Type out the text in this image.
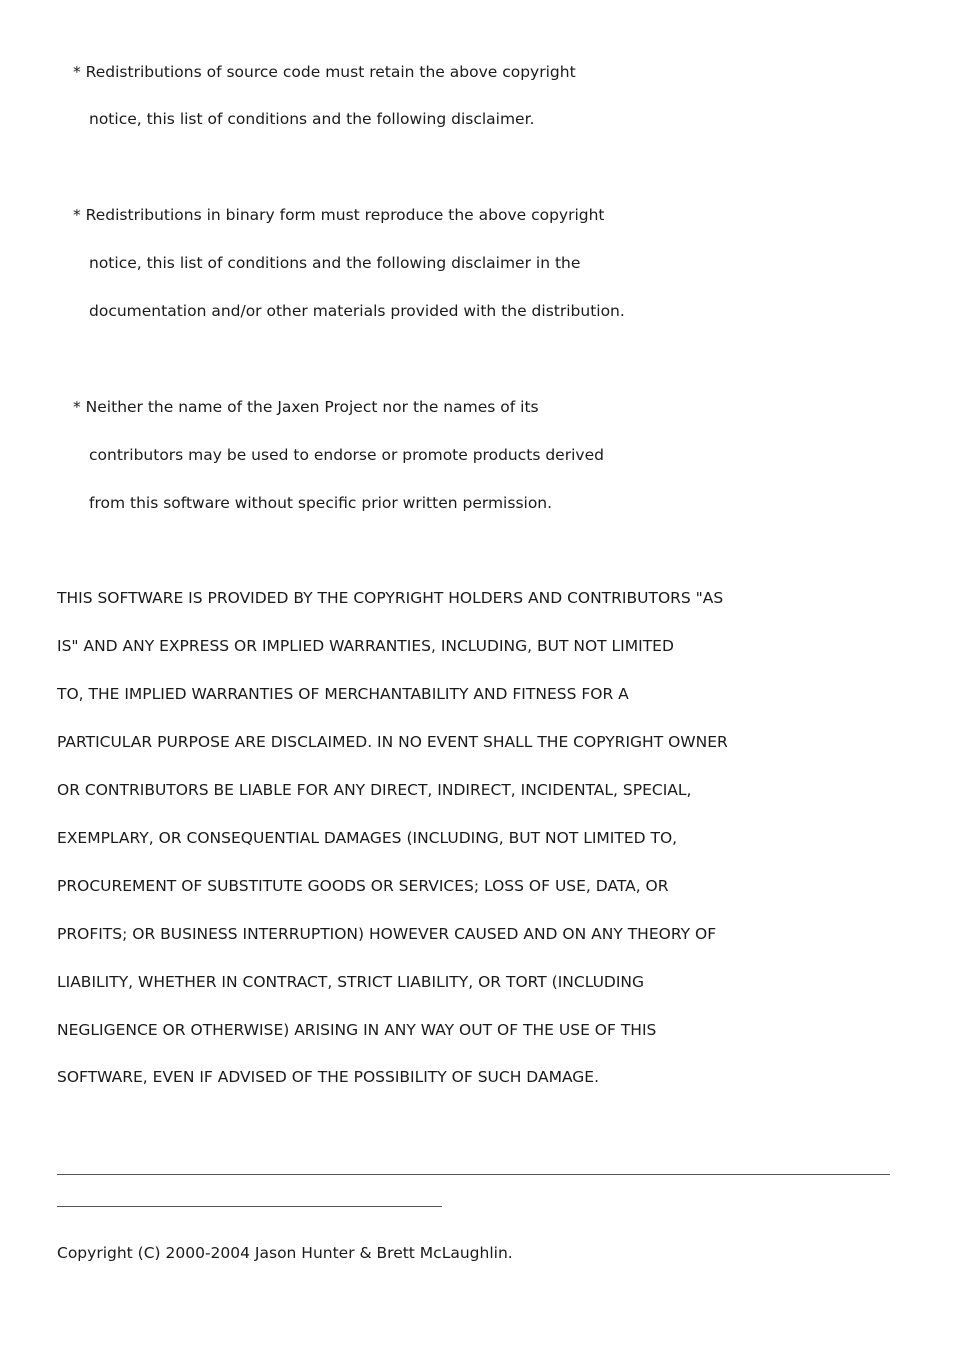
* Redistributions of source code must retain the above copyright

notice, this list of conditions and the following disclaimer.

* Redistributions in binary form must reproduce the above copyright

notice, this list of conditions and the following disclaimer in the

documentation and/or other materials provided with the distribution.

* Neither the name of the Jaxen Project nor the names of its

contributors may be used to endorse or promote products derived

from this software without specific prior written permission.

THIS SOFTWARE IS PROVIDED BY THE COPYRIGHT HOLDERS AND CONTRIBUTORS "AS

IS" AND ANY EXPRESS OR IMPLIED WARRANTIES, INCLUDING, BUT NOT LIMITED

TO, THE IMPLIED WARRANTIES OF MERCHANTABILITY AND FITNESS FOR A

PARTICULAR PURPOSE ARE DISCLAIMED. IN NO EVENT SHALL THE COPYRIGHT OWNER

OR CONTRIBUTORS BE LIABLE FOR ANY DIRECT, INDIRECT, INCIDENTAL, SPECIAL,

EXEMPLARY, OR CONSEQUENTIAL DAMAGES (INCLUDING, BUT NOT LIMITED TO,

PROCUREMENT OF SUBSTITUTE GOODS OR SERVICES; LOSS OF USE, DATA, OR

PROFITS; OR BUSINESS INTERRUPTION) HOWEVER CAUSED AND ON ANY THEORY OF

LIABILITY, WHETHER IN CONTRACT, STRICT LIABILITY, OR TORT (INCLUDING

NEGLIGENCE OR OTHERWISE) ARISING IN ANY WAY OUT OF THE USE OF THIS

SOFTWARE, EVEN IF ADVISED OF THE POSSIBILITY OF SUCH DAMAGE.

Copyright (C) 2000-2004 Jason Hunter & Brett McLaughlin.
